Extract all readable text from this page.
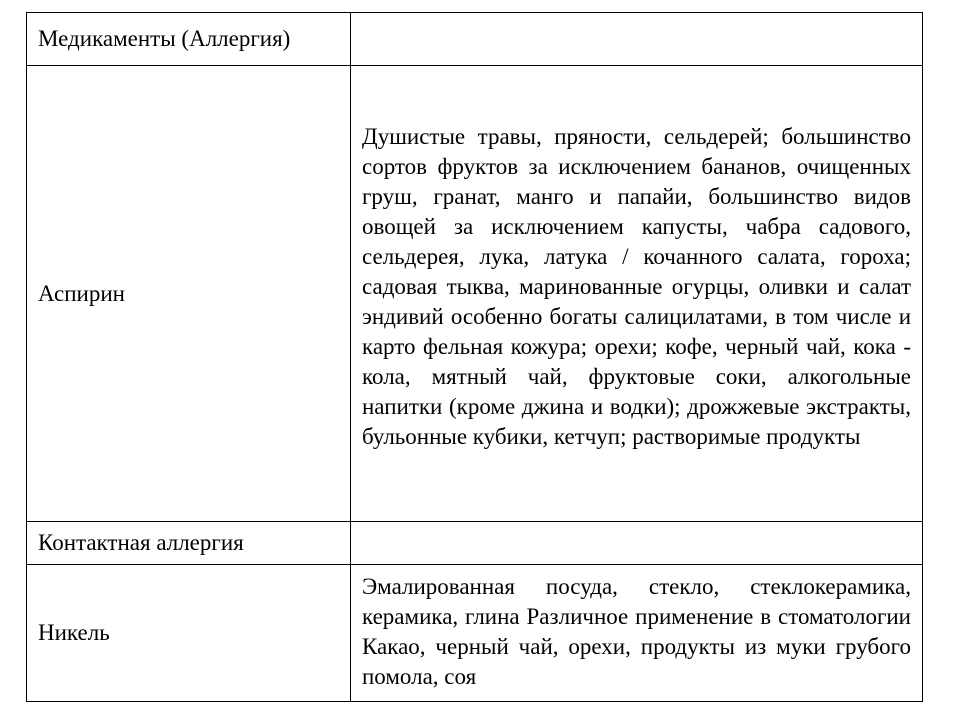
Медикаменты (Аллергия)	
Аспирин	Душистые травы, пряности, сельдерей; большинство сортов фруктов за исключением бананов, очищенных груш, гранат, манго и папайи, большинство видов овощей за исключением капусты, чабра садового, сельдерея, лука, латука / кочанного салата, гороха; садовая тыква, маринованные огурцы, оливки и салат эндивий особенно богаты салицилатами, в том числе и карто фельная кожура; орехи; кофе, черный чай, кока - кола, мятный чай, фруктовые соки, алкогольные напитки (кроме джина и водки); дрожжевые экстракты, бульонные кубики, кетчуп; растворимые продукты

Контактная аллергия	
Никель	Эмалированная посуда, стекло, стеклокерамика, керамика, глина Различное применение в стоматологии Какао, черный чай, орехи, продукты из муки грубого помола, соя
